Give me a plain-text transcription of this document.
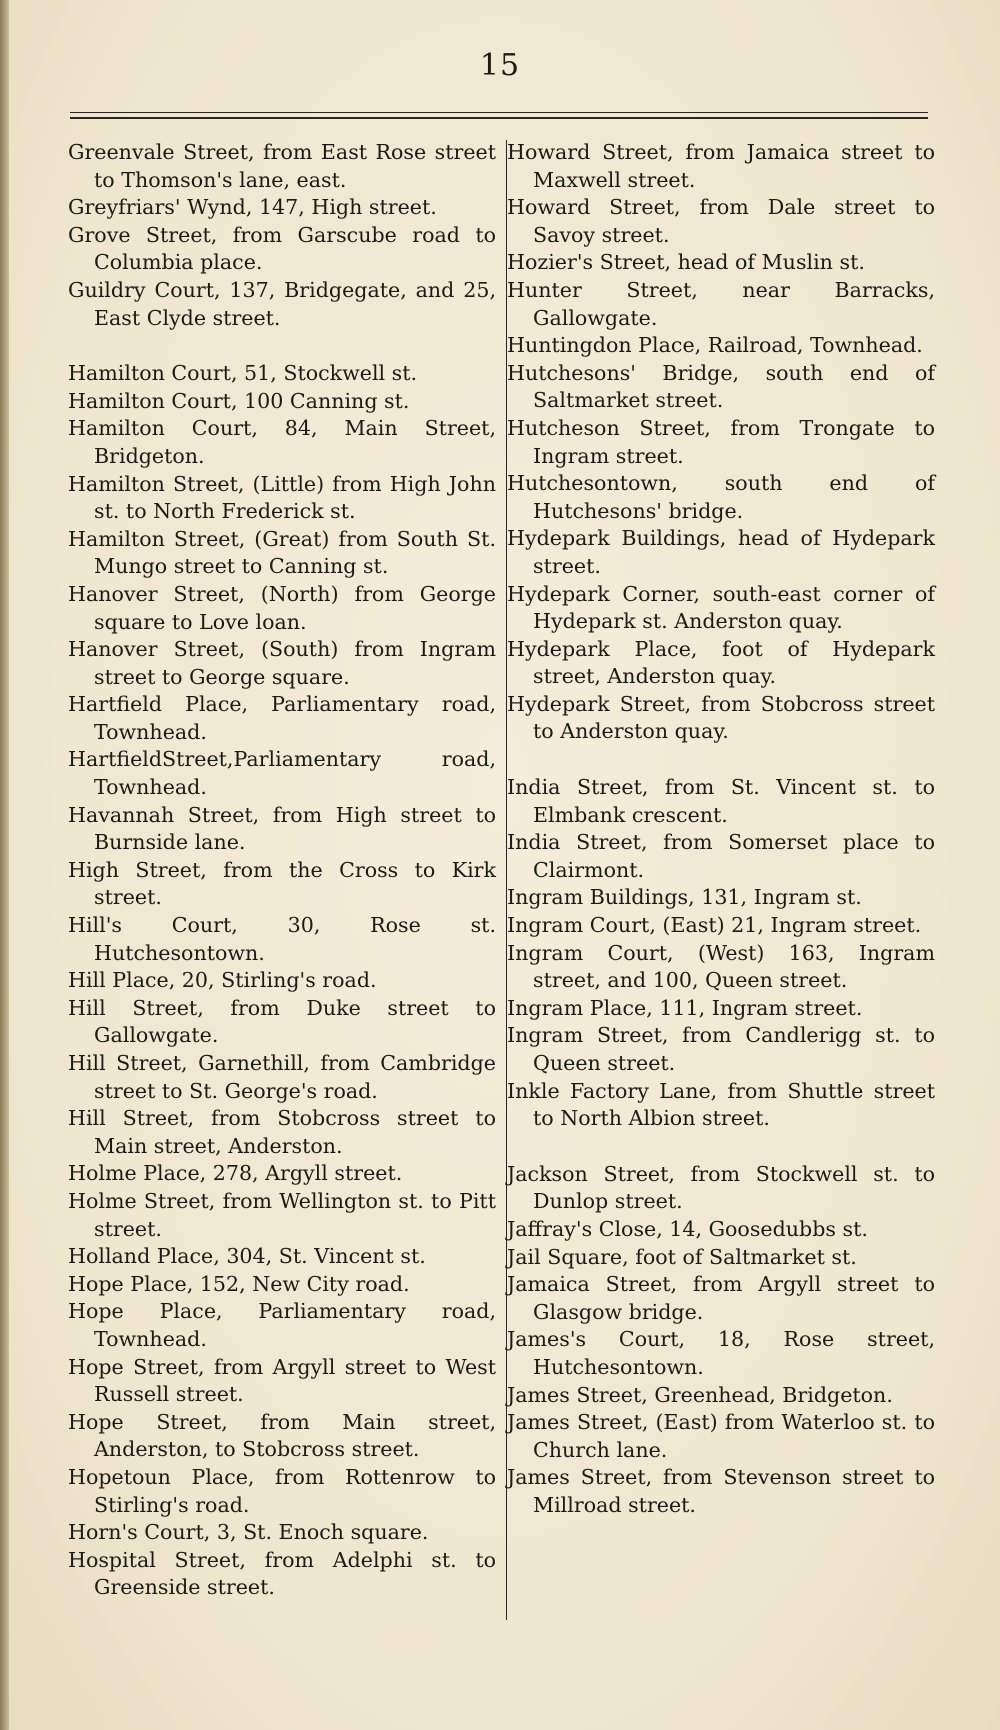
15
Greenvale Street, from East Rose street to Thomson's lane, east.
Greyfriars' Wynd, 147, High street.
Grove Street, from Garscube road to Columbia place.
Guildry Court, 137, Bridgegate, and 25, East Clyde street.
Hamilton Court, 51, Stockwell st.
Hamilton Court, 100 Canning st.
Hamilton Court, 84, Main Street, Bridgeton.
Hamilton Street, (Little) from High John st. to North Frederick st.
Hamilton Street, (Great) from South St. Mungo street to Canning st.
Hanover Street, (North) from George square to Love loan.
Hanover Street, (South) from Ingram street to George square.
Hartfield Place, Parliamentary road, Townhead.
HartfieldStreet,Parliamentary road, Townhead.
Havannah Street, from High street to Burnside lane.
High Street, from the Cross to Kirk street.
Hill's Court, 30, Rose st. Hutchesontown.
Hill Place, 20, Stirling's road.
Hill Street, from Duke street to Gallowgate.
Hill Street, Garnethill, from Cambridge street to St. George's road.
Hill Street, from Stobcross street to Main street, Anderston.
Holme Place, 278, Argyll street.
Holme Street, from Wellington st. to Pitt street.
Holland Place, 304, St. Vincent st.
Hope Place, 152, New City road.
Hope Place, Parliamentary road, Townhead.
Hope Street, from Argyll street to West Russell street.
Hope Street, from Main street, Anderston, to Stobcross street.
Hopetoun Place, from Rottenrow to Stirling's road.
Horn's Court, 3, St. Enoch square.
Hospital Street, from Adelphi st. to Greenside street.
Howard Street, from Jamaica street to Maxwell street.
Howard Street, from Dale street to Savoy street.
Hozier's Street, head of Muslin st.
Hunter Street, near Barracks, Gallowgate.
Huntingdon Place, Railroad, Townhead.
Hutchesons' Bridge, south end of Saltmarket street.
Hutcheson Street, from Trongate to Ingram street.
Hutchesontown, south end of Hutchesons' bridge.
Hydepark Buildings, head of Hydepark street.
Hydepark Corner, south-east corner of Hydepark st. Anderston quay.
Hydepark Place, foot of Hydepark street, Anderston quay.
Hydepark Street, from Stobcross street to Anderston quay.
India Street, from St. Vincent st. to Elmbank crescent.
India Street, from Somerset place to Clairmont.
Ingram Buildings, 131, Ingram st.
Ingram Court, (East) 21, Ingram street.
Ingram Court, (West) 163, Ingram street, and 100, Queen street.
Ingram Place, 111, Ingram street.
Ingram Street, from Candlerigg st. to Queen street.
Inkle Factory Lane, from Shuttle street to North Albion street.
Jackson Street, from Stockwell st. to Dunlop street.
Jaffray's Close, 14, Goosedubbs st.
Jail Square, foot of Saltmarket st.
Jamaica Street, from Argyll street to Glasgow bridge.
James's Court, 18, Rose street, Hutchesontown.
James Street, Greenhead, Bridgeton.
James Street, (East) from Waterloo st. to Church lane.
James Street, from Stevenson street to Millroad street.
